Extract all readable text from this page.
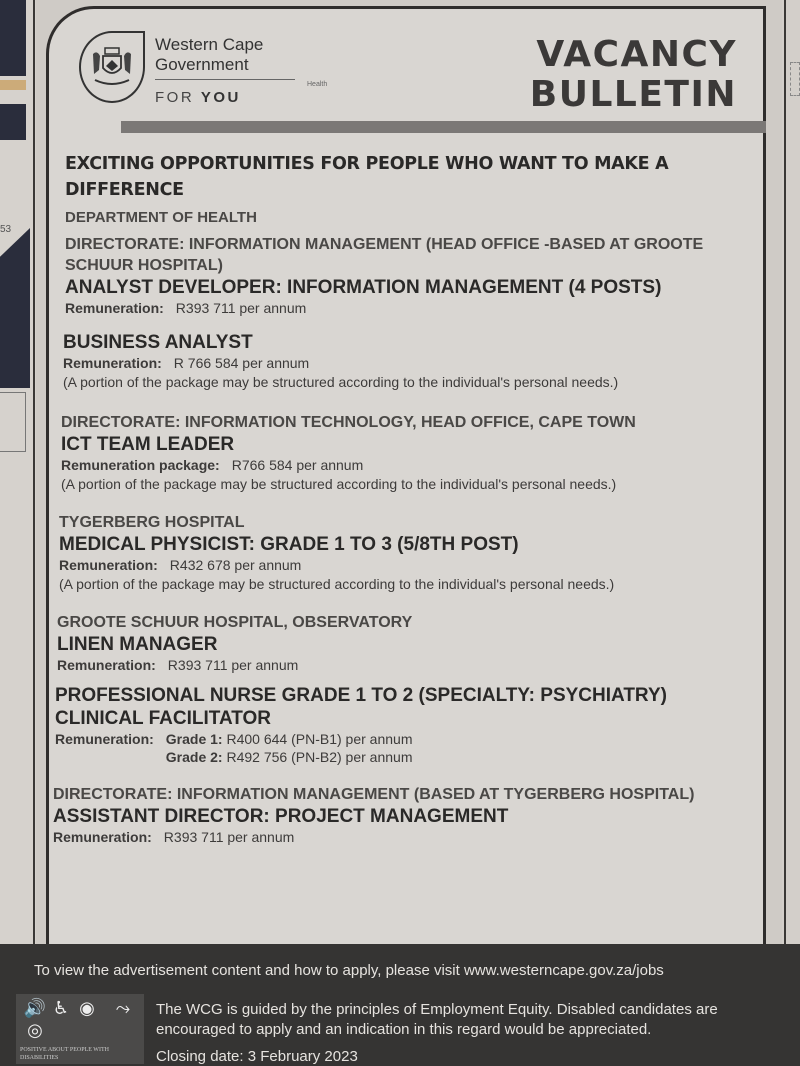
53
Western Cape
Government
Health
FOR YOU
VACANCY
BULLETIN
EXCITING OPPORTUNITIES FOR PEOPLE WHO WANT TO MAKE A DIFFERENCE
DEPARTMENT OF HEALTH
DIRECTORATE: INFORMATION MANAGEMENT (HEAD OFFICE -BASED AT GROOTE SCHUUR HOSPITAL)
ANALYST DEVELOPER: INFORMATION MANAGEMENT (4 POSTS)
Remuneration: R393 711 per annum
BUSINESS ANALYST
Remuneration: R 766 584 per annum
(A portion of the package may be structured according to the individual's personal needs.)
DIRECTORATE: INFORMATION TECHNOLOGY, HEAD OFFICE, CAPE TOWN
ICT TEAM LEADER
Remuneration package: R766 584 per annum
(A portion of the package may be structured according to the individual's personal needs.)
TYGERBERG HOSPITAL
MEDICAL PHYSICIST: GRADE 1 TO 3 (5/8TH POST)
Remuneration: R432 678 per annum
(A portion of the package may be structured according to the individual's personal needs.)
GROOTE SCHUUR HOSPITAL, OBSERVATORY
LINEN MANAGER
Remuneration: R393 711 per annum
PROFESSIONAL NURSE GRADE 1 TO 2 (SPECIALTY: PSYCHIATRY) CLINICAL FACILITATOR
Remuneration: Grade 1: R400 644 (PN-B1) per annum
Grade 2: R492 756 (PN-B2) per annum
DIRECTORATE: INFORMATION MANAGEMENT (BASED AT TYGERBERG HOSPITAL)
ASSISTANT DIRECTOR: PROJECT MANAGEMENT
Remuneration: R393 711 per annum
To view the advertisement content and how to apply, please visit www.westerncape.gov.za/jobs
🔊 ♿ ◉	⤳
◎
POSITIVE ABOUT PEOPLE WITH DISABILITIES
The WCG is guided by the principles of Employment Equity. Disabled candidates are encouraged to apply and an indication in this regard would be appreciated.
Closing date: 3 February 2023
